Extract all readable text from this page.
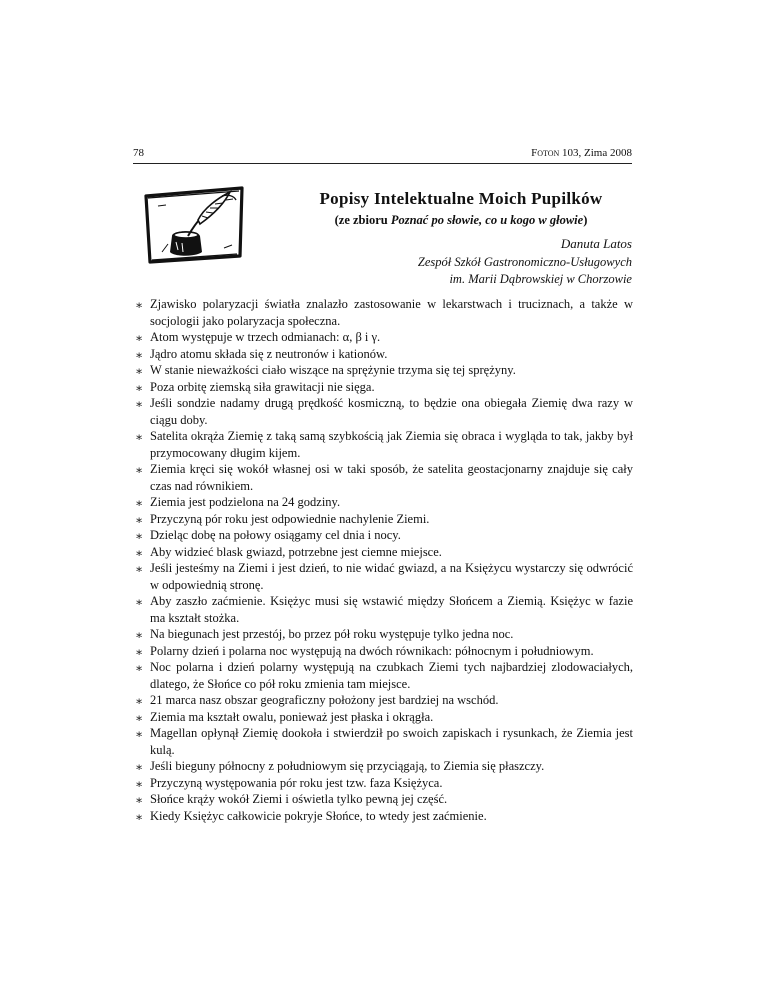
78	Foton 103, Zima 2008
Popisy Intelektualne Moich Pupilków
(ze zbioru Poznać po słowie, co u kogo w głowie)
Danuta Latos
Zespół Szkół Gastronomiczno-Usługowych
im. Marii Dąbrowskiej w Chorzowie
∗ Zjawisko polaryzacji światła znalazło zastosowanie w lekarstwach i truciznach, a także w socjologii jako polaryzacja społeczna.
∗ Atom występuje w trzech odmianach: α, β i γ.
∗ Jądro atomu składa się z neutronów i kationów.
∗ W stanie nieważkości ciało wiszące na sprężynie trzyma się tej sprężyny.
∗ Poza orbitę ziemską siła grawitacji nie sięga.
∗ Jeśli sondzie nadamy drugą prędkość kosmiczną, to będzie ona obiegała Ziemię dwa razy w ciągu doby.
∗ Satelita okrąża Ziemię z taką samą szybkością jak Ziemia się obraca i wygląda to tak, jakby był przymocowany długim kijem.
∗ Ziemia kręci się wokół własnej osi w taki sposób, że satelita geostacjonarny znajduje się cały czas nad równikiem.
∗ Ziemia jest podzielona na 24 godziny.
∗ Przyczyną pór roku jest odpowiednie nachylenie Ziemi.
∗ Dzieląc dobę na połowy osiągamy cel dnia i nocy.
∗ Aby widzieć blask gwiazd, potrzebne jest ciemne miejsce.
∗ Jeśli jesteśmy na Ziemi i jest dzień, to nie widać gwiazd, a na Księżycu wystarczy się odwrócić w odpowiednią stronę.
∗ Aby zaszło zaćmienie. Księżyc musi się wstawić między Słońcem a Ziemią. Księżyc w fazie ma kształt stożka.
∗ Na biegunach jest przestój, bo przez pół roku występuje tylko jedna noc.
∗ Polarny dzień i polarna noc występują na dwóch równikach: północnym i południowym.
∗ Noc polarna i dzień polarny występują na czubkach Ziemi tych najbardziej zlodowaciałych, dlatego, że Słońce co pół roku zmienia tam miejsce.
∗ 21 marca nasz obszar geograficzny położony jest bardziej na wschód.
∗ Ziemia ma kształt owalu, ponieważ jest płaska i okrągła.
∗ Magellan opłynął Ziemię dookoła i stwierdził po swoich zapiskach i rysunkach, że Ziemia jest kulą.
∗ Jeśli bieguny północny z południowym się przyciągają, to Ziemia się płaszczy.
∗ Przyczyną występowania pór roku jest tzw. faza Księżyca.
∗ Słońce krąży wokół Ziemi i oświetla tylko pewną jej część.
∗ Kiedy Księżyc całkowicie pokryje Słońce, to wtedy jest zaćmienie.
